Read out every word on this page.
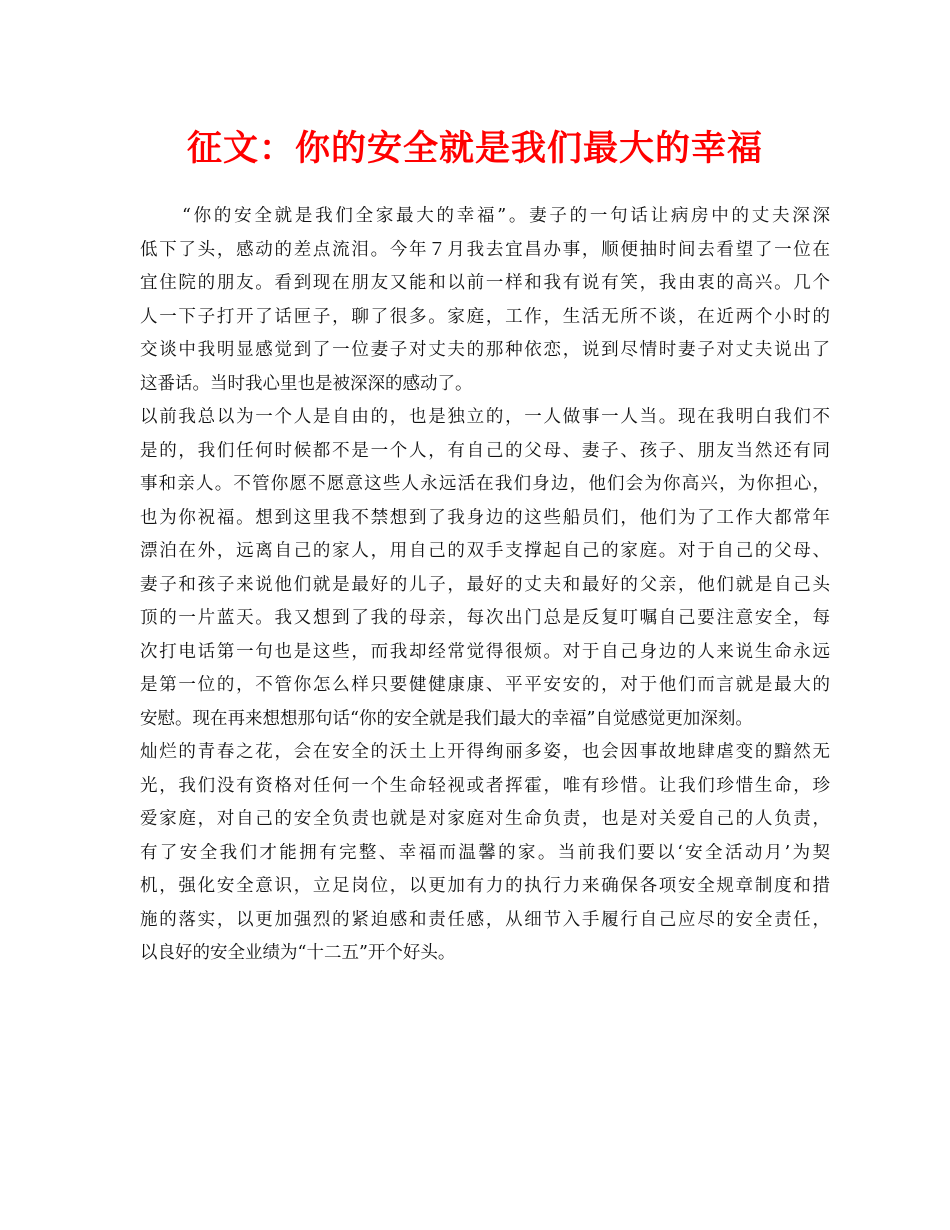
征文：你的安全就是我们最大的幸福
“你的安全就是我们全家最大的幸福”。妻子的一句话让病房中的丈夫深深
低下了头，感动的差点流泪。今年７月我去宜昌办事，顺便抽时间去看望了一位在
宜住院的朋友。看到现在朋友又能和以前一样和我有说有笑，我由衷的高兴。几个
人一下子打开了话匣子，聊了很多。家庭，工作，生活无所不谈，在近两个小时的
交谈中我明显感觉到了一位妻子对丈夫的那种依恋，说到尽情时妻子对丈夫说出了
这番话。当时我心里也是被深深的感动了。
以前我总以为一个人是自由的，也是独立的，一人做事一人当。现在我明白我们不
是的，我们任何时候都不是一个人，有自己的父母、妻子、孩子、朋友当然还有同
事和亲人。不管你愿不愿意这些人永远活在我们身边，他们会为你高兴，为你担心，
也为你祝福。想到这里我不禁想到了我身边的这些船员们，他们为了工作大都常年
漂泊在外，远离自己的家人，用自己的双手支撑起自己的家庭。对于自己的父母、
妻子和孩子来说他们就是最好的儿子，最好的丈夫和最好的父亲，他们就是自己头
顶的一片蓝天。我又想到了我的母亲，每次出门总是反复叮嘱自己要注意安全，每
次打电话第一句也是这些，而我却经常觉得很烦。对于自己身边的人来说生命永远
是第一位的，不管你怎么样只要健健康康、平平安安的，对于他们而言就是最大的
安慰。现在再来想想那句话“你的安全就是我们最大的幸福”自觉感觉更加深刻。
灿烂的青春之花，会在安全的沃土上开得绚丽多姿，也会因事故地肆虐变的黯然无
光，我们没有资格对任何一个生命轻视或者挥霍，唯有珍惜。让我们珍惜生命，珍
爱家庭，对自己的安全负责也就是对家庭对生命负责，也是对关爱自己的人负责，
有了安全我们才能拥有完整、幸福而温馨的家。当前我们要以‘安全活动月’为契
机，强化安全意识，立足岗位，以更加有力的执行力来确保各项安全规章制度和措
施的落实，以更加强烈的紧迫感和责任感，从细节入手履行自己应尽的安全责任，
以良好的安全业绩为“十二五”开个好头。
